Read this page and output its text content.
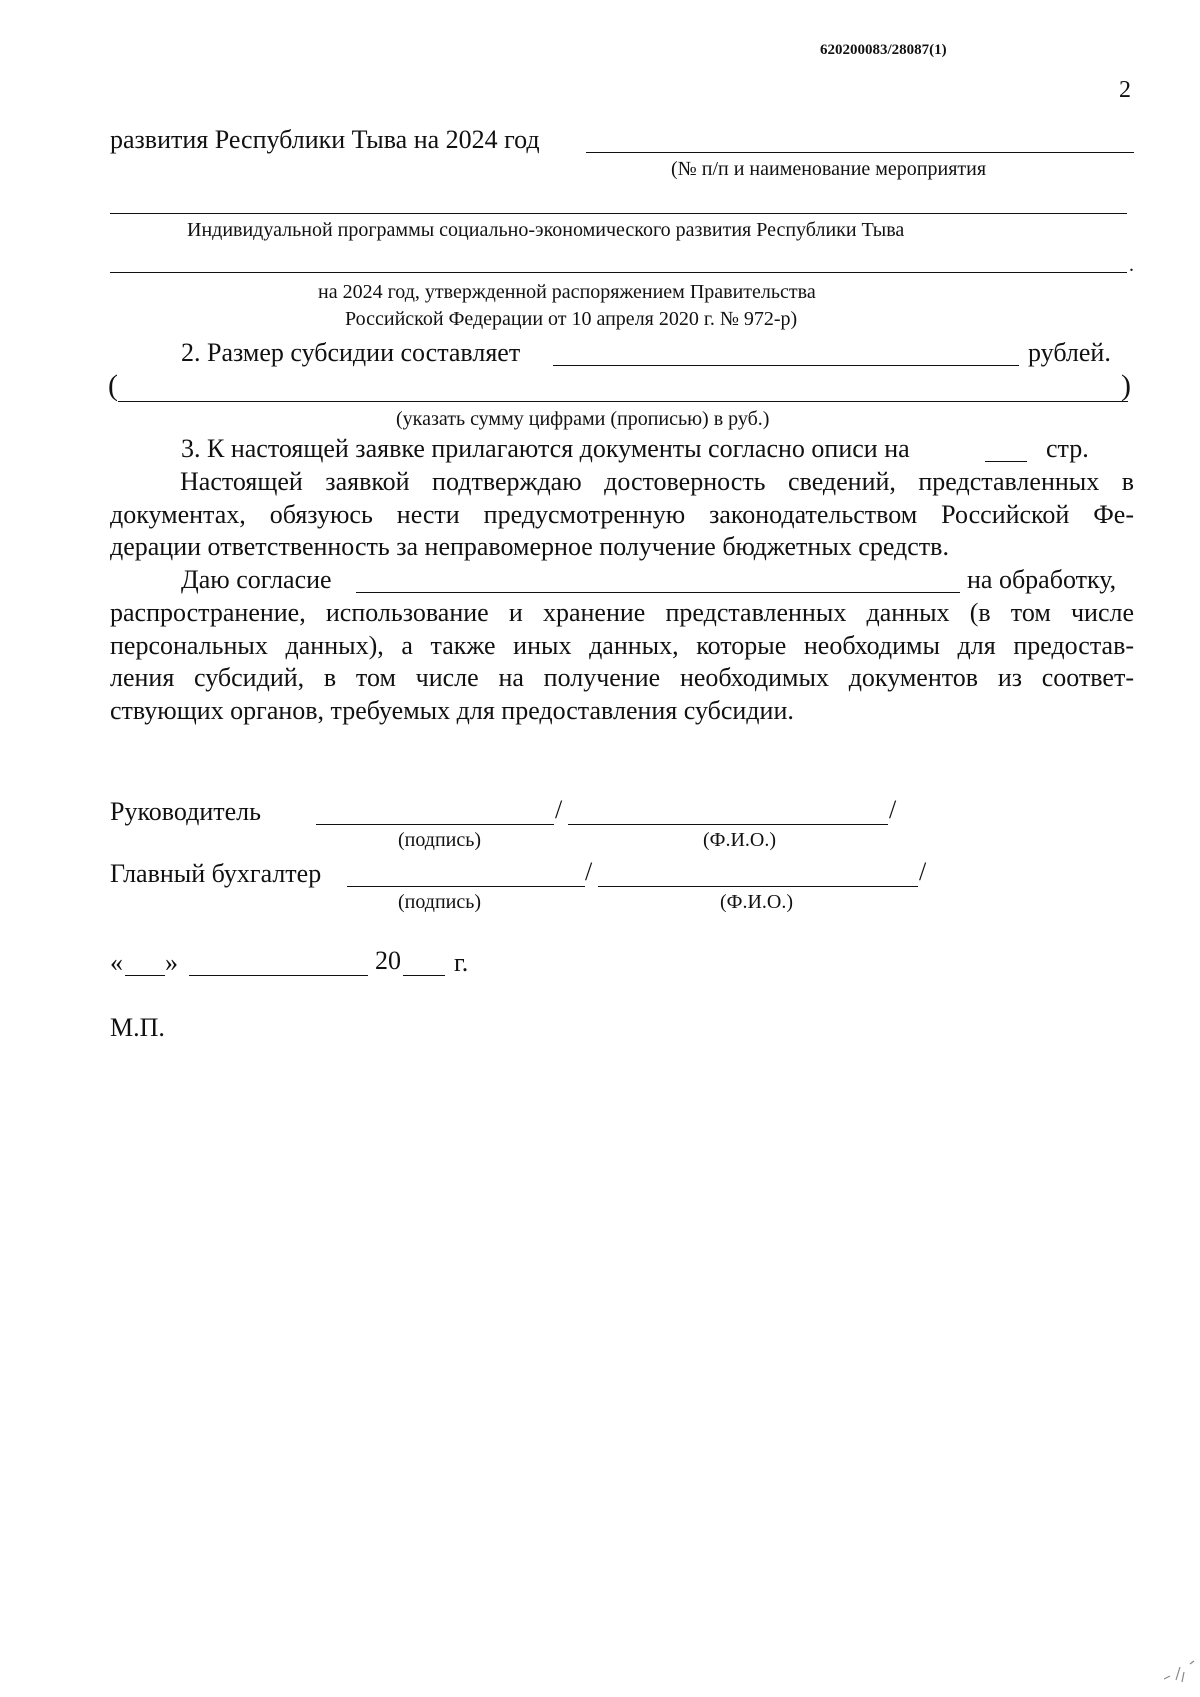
620200083/28087(1)
2
развития Республики Тыва на 2024 год
(№ п/п и наименование мероприятия
Индивидуальной программы социально-экономического развития Республики Тыва
.
на 2024 год, утвержденной распоряжением Правительства
Российской Федерации от 10 апреля 2020 г. № 972-р)
2. Размер субсидии составляет	рублей.
(	)
(указать сумму цифрами (прописью) в руб.)
3. К настоящей заявке прилагаются документы согласно описи на	стр.
Настоящей заявкой подтверждаю достоверность сведений, представленных в
документах, обязуюсь нести предусмотренную законодательством Российской Фе-
дерации ответственность за неправомерное получение бюджетных средств.
Даю согласие	на обработку,
распространение, использование и хранение представленных данных (в том числе
персональных данных), а также иных данных, которые необходимы для предостав-
ления субсидий, в том числе на получение необходимых документов из соответ-
ствующих органов, требуемых для предоставления субсидии.
Руководитель	/	/
(подпись)	(Ф.И.О.)
Главный бухгалтер	/	/
(подпись)	(Ф.И.О.)
« »	20 г.
М.П.
